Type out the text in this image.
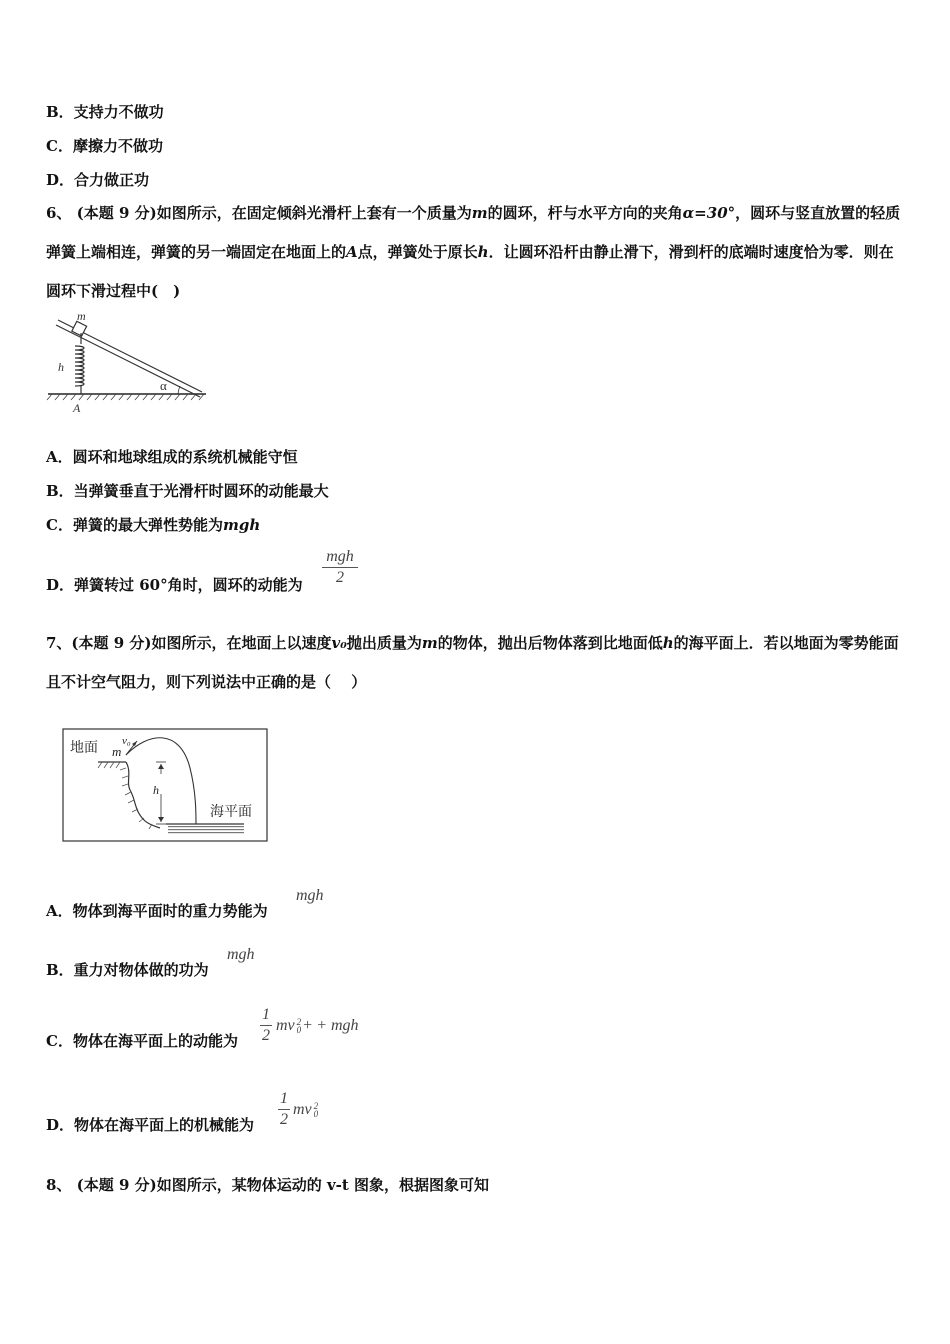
B．支持力不做功
C．摩擦力不做功
D．合力做正功
6、 (本题 9 分)如图所示，在固定倾斜光滑杆上套有一个质量为m的圆环，杆与水平方向的夹角α=30°，圆环与竖直放置的轻质弹簧上端相连，弹簧的另一端固定在地面上的A点，弹簧处于原长h．让圆环沿杆由静止滑下，滑到杆的底端时速度恰为零．则在圆环下滑过程中(　)
m
h
α
A
A．圆环和地球组成的系统机械能守恒
B．当弹簧垂直于光滑杆时圆环的动能最大
C．弹簧的最大弹性势能为mgh
D．弹簧转过 60°角时，圆环的动能为
mgh
2
7、(本题 9 分)如图所示，在地面上以速度v₀抛出质量为m的物体，抛出后物体落到比地面低h的海平面上．若以地面为零势能面且不计空气阻力，则下列说法中正确的是（　 ）
地面 v₀
m
h
海平面
A．物体到海平面时的重力势能为
mgh
B．重力对物体做的功为
mgh
C．物体在海平面上的动能为
1
2
mv 2
0 + + mgh
D．物体在海平面上的机械能为
1
2
mv 2
0
8、 (本题 9 分)如图所示，某物体运动的 v-t 图象，根据图象可知
